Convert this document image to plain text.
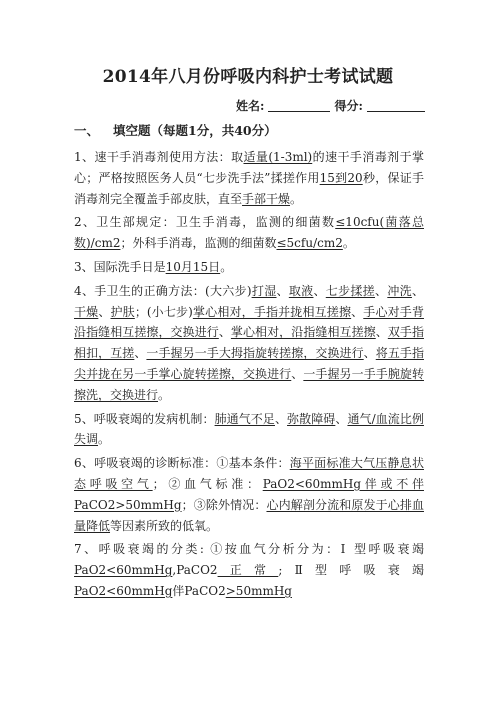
2014年八月份呼吸内科护士考试试题
姓名:	得分:
一、 填空题（每题1分，共40分）

1、速干手消毒剂使用方法：取适量(1-3ml)的速干手消毒剂于掌心；严格按照医务人员“七步洗手法”揉搓作用15到20秒，保证手消毒剂完全覆盖手部皮肤，直至手部干燥。

2、卫生部规定：卫生手消毒，监测的细菌数≤10cfu(菌落总数)/cm2；外科手消毒，监测的细菌数≤5cfu/cm2。

3、国际洗手日是10月15日。

4、手卫生的正确方法：(大六步)打湿、取液、七步揉搓、冲洗、干燥、护肤；(小七步)掌心相对，手指并拢相互搓擦、手心对手背沿指缝相互搓擦，交换进行、掌心相对，沿指缝相互搓擦、双手指相扣，互搓、一手握另一手大拇指旋转搓擦，交换进行、将五手指尖并拢在另一手掌心旋转搓擦，交换进行、一手握另一手手腕旋转擦洗，交换进行。

5、呼吸衰竭的发病机制：肺通气不足、弥散障碍、通气/血流比例失调。

6、呼吸衰竭的诊断标准：①基本条件：海平面标准大气压静息状态呼吸空气；②血气标准：PaO2<60mmHg伴或不伴PaCO2>50mmHg；③除外情况：心内解剖分流和原发于心排血量降低等因素所致的低氧。

7、呼吸衰竭的分类: ①按血气分析分为：Ⅰ 型呼吸衰竭　PaO2<60mmHg,PaCO2正常;Ⅱ型呼吸衰竭　PaO2<60mmHg伴PaCO2>50mmHg
